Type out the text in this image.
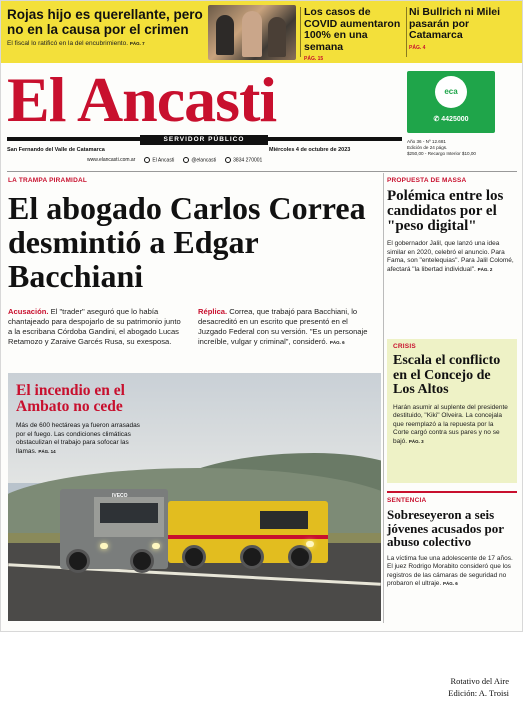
Rojas hijo es querellante, pero no en la causa por el crimen
El fiscal lo ratificó en la del encubrimiento. PÁG. 7
Los casos de COVID aumentaron 100% en una semana
PÁG. 15
Ni Bullrich ni Milei pasarán por Catamarca
PÁG. 4
El Ancasti
SERVIDOR PÚBLICO
San Fernando del Valle de Catamarca	Miércoles 4 de octubre de 2023
www.elancasti.com.ar	El Ancasti	@elancasti	3834 270001
eca
✆ 4425000
Año 36 - Nº 12.681
Edición de 24 págs.
$250,00 - Recargo Interior $10,00
LA TRAMPA PIRAMIDAL
El abogado Carlos Correa desmintió a Edgar Bacchiani
Acusación. El "trader" aseguró que lo había chantajeado para despojarlo de su patrimonio junto a la escribana Córdoba Gandini, el abogado Lucas Retamozo y Zaraive Garcés Rusa, su exesposa.
Réplica. Correa, que trabajó para Bacchiani, lo desacreditó en un escrito que presentó en el Juzgado Federal con su versión. "Es un personaje increíble, vulgar y criminal", consideró. PÁG. 6
IVECO
El incendio en el Ambato no cede
Más de 600 hectáreas ya fueron arrasadas por el fuego. Las condiciones climáticas obstaculizan el trabajo para sofocar las llamas. PÁG. 14
PROPUESTA DE MASSA
Polémica entre los candidatos por el "peso digital"
El gobernador Jalil, que lanzó una idea similar en 2020, celebró el anuncio. Para Fama, son "entelequias". Para Jalil Colomé, afectará "la libertad individual". PÁG. 2
CRISIS
Escala el conflicto en el Concejo de Los Altos
Harán asumir al suplente del presidente destituido, "Kiki" Olveira. La concejala que reemplazó a la repuesta por la Corte cargó contra sus pares y no se bajó. PÁG. 3
SENTENCIA
Sobreseyeron a seis jóvenes acusados por abuso colectivo
La víctima fue una adolescente de 17 años. El juez Rodrigo Morabito consideró que los registros de las cámaras de seguridad no probaron el ultraje. PÁG. 6
Rotativo del Aire
Edición: A. Troisi
